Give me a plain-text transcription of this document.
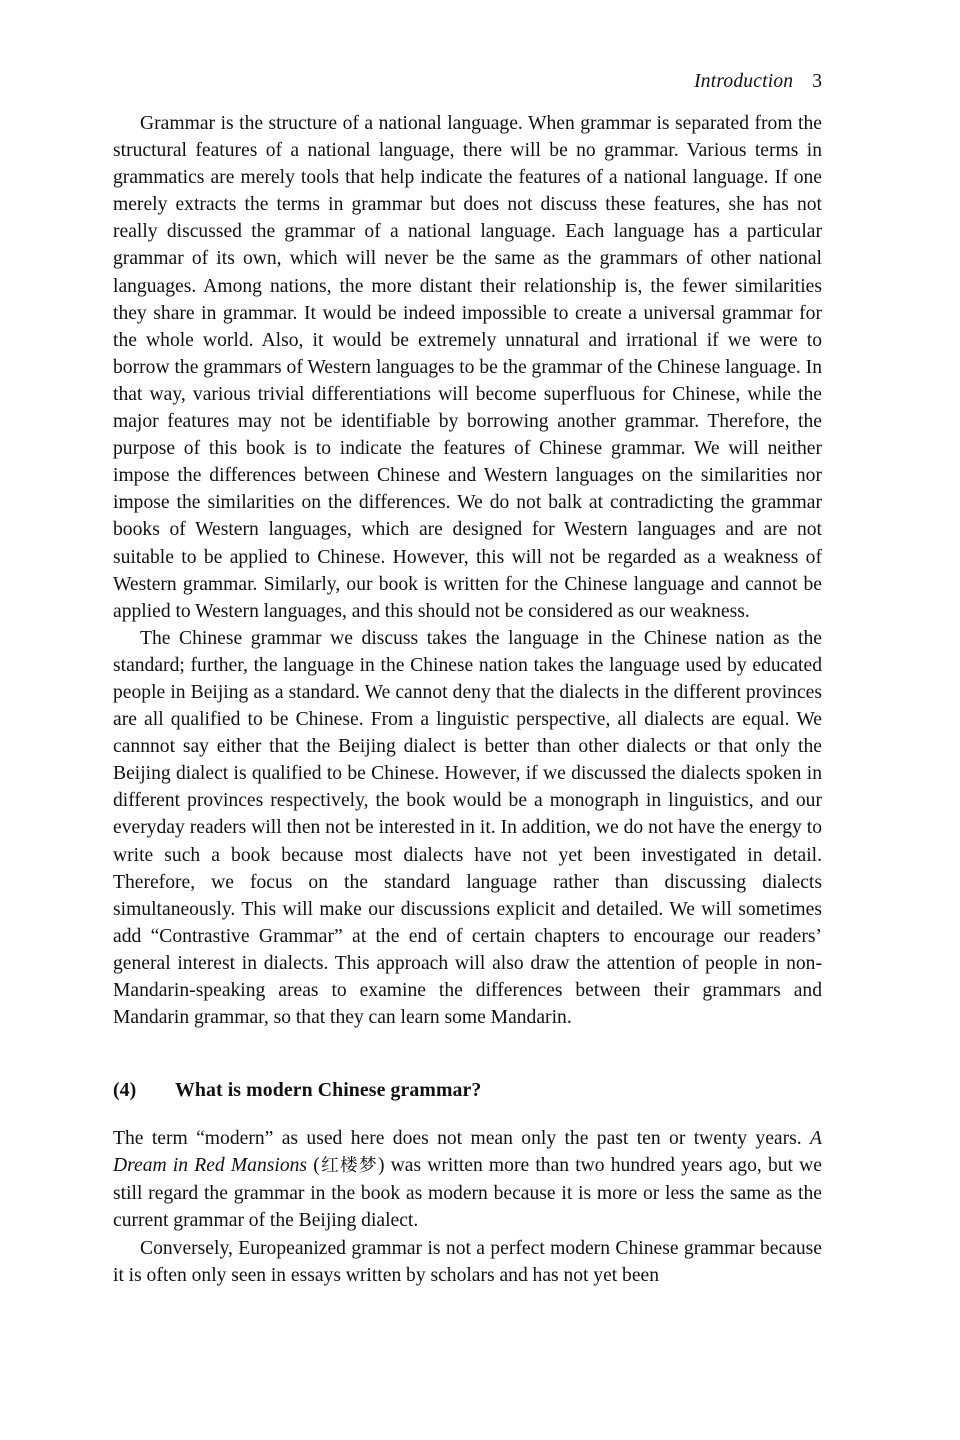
Introduction 3

Grammar is the structure of a national language. When grammar is separated from the structural features of a national language, there will be no grammar. Various terms in grammatics are merely tools that help indicate the features of a national language. If one merely extracts the terms in grammar but does not discuss these features, she has not really discussed the grammar of a national language. Each language has a particular grammar of its own, which will never be the same as the grammars of other national languages. Among nations, the more distant their relationship is, the fewer similarities they share in grammar. It would be indeed impossible to create a universal grammar for the whole world. Also, it would be extremely unnatural and irrational if we were to borrow the grammars of Western languages to be the grammar of the Chinese language. In that way, various trivial differentiations will become superfluous for Chinese, while the major features may not be identifiable by borrowing another grammar. Therefore, the purpose of this book is to indicate the features of Chinese grammar. We will neither impose the differences between Chinese and Western languages on the similarities nor impose the similarities on the differences. We do not balk at contradicting the grammar books of Western languages, which are designed for Western languages and are not suitable to be applied to Chinese. However, this will not be regarded as a weakness of Western grammar. Similarly, our book is written for the Chinese language and cannot be applied to Western languages, and this should not be considered as our weakness.

The Chinese grammar we discuss takes the language in the Chinese nation as the standard; further, the language in the Chinese nation takes the language used by educated people in Beijing as a standard. We cannot deny that the dialects in the different provinces are all qualified to be Chinese. From a linguistic perspective, all dialects are equal. We cannnot say either that the Beijing dialect is better than other dialects or that only the Beijing dialect is qualified to be Chinese. However, if we discussed the dialects spoken in different provinces respectively, the book would be a monograph in linguistics, and our everyday readers will then not be interested in it. In addition, we do not have the energy to write such a book because most dialects have not yet been investigated in detail. Therefore, we focus on the standard language rather than discussing dialects simultaneously. This will make our discussions explicit and detailed. We will sometimes add “Contrastive Grammar” at the end of certain chapters to encourage our readers’ general interest in dialects. This approach will also draw the attention of people in non-Mandarin-speaking areas to examine the differences between their grammars and Mandarin grammar, so that they can learn some Mandarin.

(4) What is modern Chinese grammar?

The term “modern” as used here does not mean only the past ten or twenty years. A Dream in Red Mansions (红楼梦) was written more than two hundred years ago, but we still regard the grammar in the book as modern because it is more or less the same as the current grammar of the Beijing dialect.

Conversely, Europeanized grammar is not a perfect modern Chinese grammar because it is often only seen in essays written by scholars and has not yet been
